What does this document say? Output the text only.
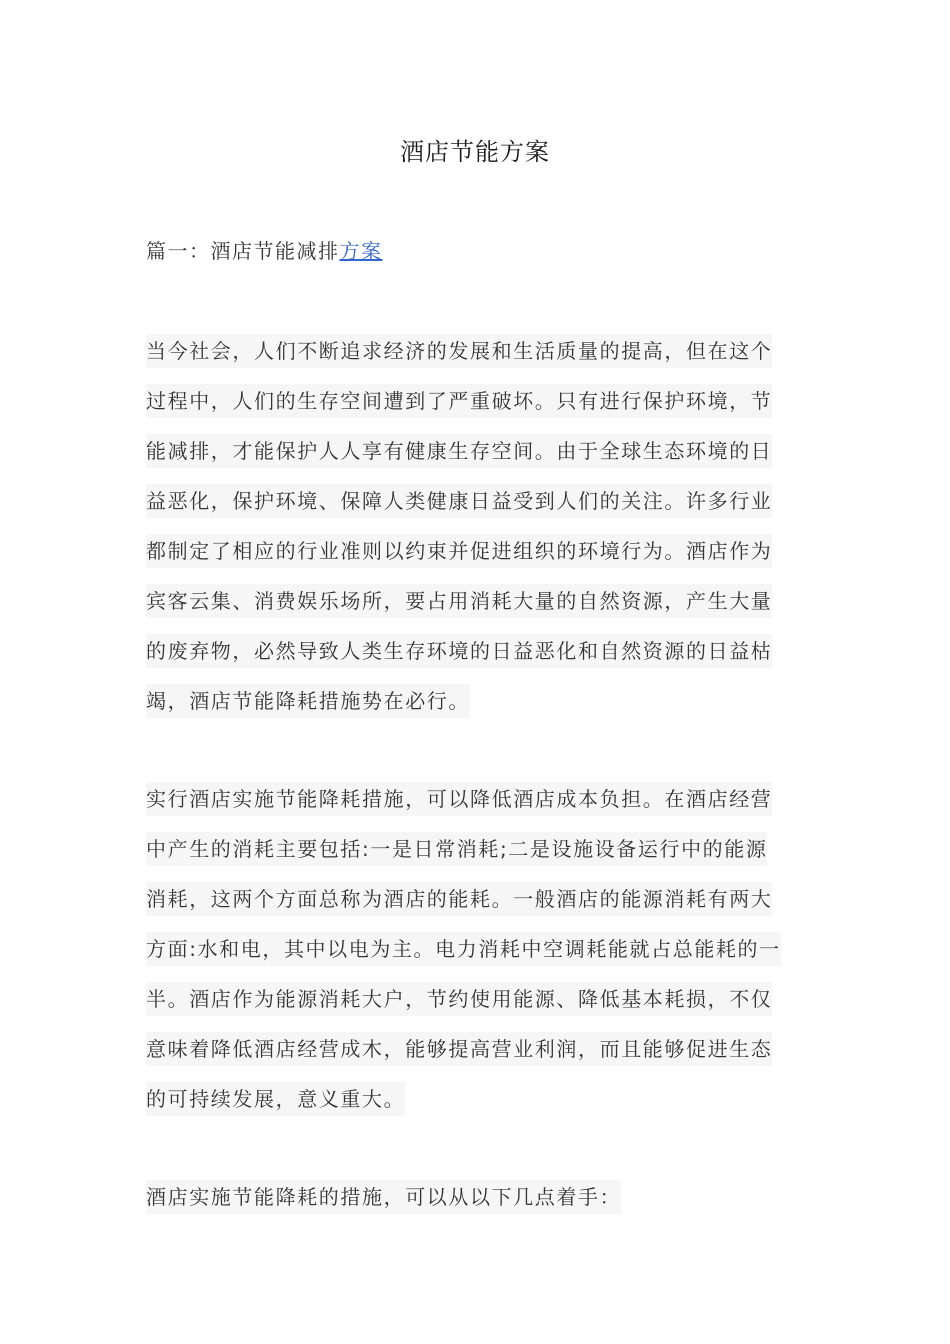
酒店节能方案
篇一：酒店节能减排方案
当今社会，人们不断追求经济的发展和生活质量的提高，但在这个
过程中，人们的生存空间遭到了严重破坏。只有进行保护环境，节
能减排，才能保护人人享有健康生存空间。由于全球生态环境的日
益恶化，保护环境、保障人类健康日益受到人们的关注。许多行业
都制定了相应的行业准则以约束并促进组织的环境行为。酒店作为
宾客云集、消费娱乐场所，要占用消耗大量的自然资源，产生大量
的废弃物，必然导致人类生存环境的日益恶化和自然资源的日益枯
竭，酒店节能降耗措施势在必行。
实行酒店实施节能降耗措施，可以降低酒店成本负担。在酒店经营
中产生的消耗主要包括:一是日常消耗;二是设施设备运行中的能源
消耗，这两个方面总称为酒店的能耗。一般酒店的能源消耗有两大
方面:水和电，其中以电为主。电力消耗中空调耗能就占总能耗的一
半。酒店作为能源消耗大户，节约使用能源、降低基本耗损，不仅
意味着降低酒店经营成木，能够提高营业利润，而且能够促进生态
的可持续发展，意义重大。
酒店实施节能降耗的措施，可以从以下几点着手：
